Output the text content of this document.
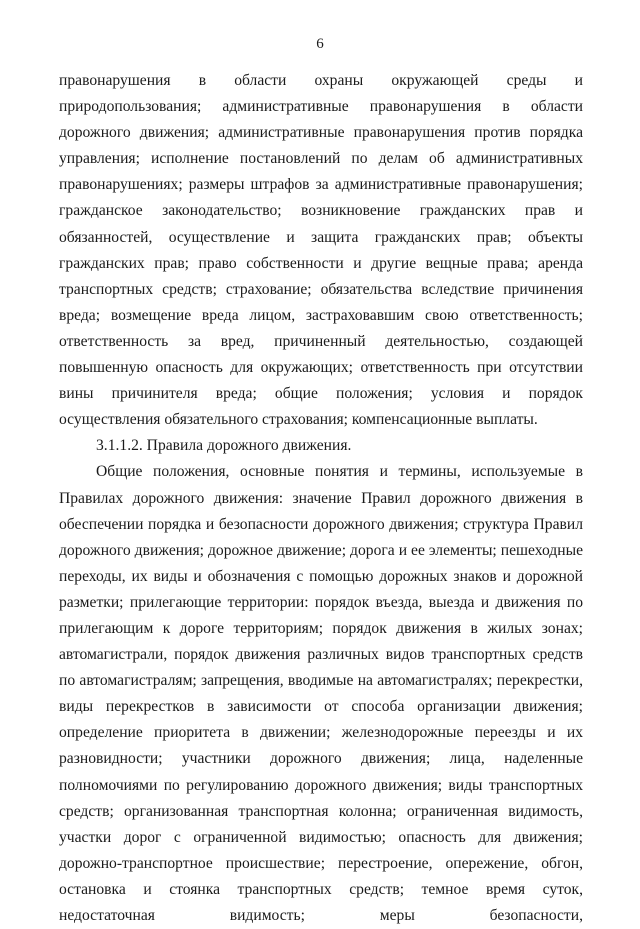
6

правонарушения в области охраны окружающей среды и природопользования; административные правонарушения в области дорожного движения; административные правонарушения против порядка управления; исполнение постановлений по делам об административных правонарушениях; размеры штрафов за административные правонарушения; гражданское законодательство; возникновение гражданских прав и обязанностей, осуществление и защита гражданских прав; объекты гражданских прав; право собственности и другие вещные права; аренда транспортных средств; страхование; обязательства вследствие причинения вреда; возмещение вреда лицом, застраховавшим свою ответственность; ответственность за вред, причиненный деятельностью, создающей повышенную опасность для окружающих; ответственность при отсутствии вины причинителя вреда; общие положения; условия и порядок осуществления обязательного страхования; компенсационные выплаты.

3.1.1.2. Правила дорожного движения.

Общие положения, основные понятия и термины, используемые в Правилах дорожного движения: значение Правил дорожного движения в обеспечении порядка и безопасности дорожного движения; структура Правил дорожного движения; дорожное движение; дорога и ее элементы; пешеходные переходы, их виды и обозначения с помощью дорожных знаков и дорожной разметки; прилегающие территории: порядок въезда, выезда и движения по прилегающим к дороге территориям; порядок движения в жилых зонах; автомагистрали, порядок движения различных видов транспортных средств по автомагистралям; запрещения, вводимые на автомагистралях; перекрестки, виды перекрестков в зависимости от способа организации движения; определение приоритета в движении; железнодорожные переезды и их разновидности; участники дорожного движения; лица, наделенные полномочиями по регулированию дорожного движения; виды транспортных средств; организованная транспортная колонна; ограниченная видимость, участки дорог с ограниченной видимостью; опасность для движения; дорожно-транспортное происшествие; перестроение, опережение, обгон, остановка и стоянка транспортных средств; темное время суток, недостаточная видимость; меры безопасности,
